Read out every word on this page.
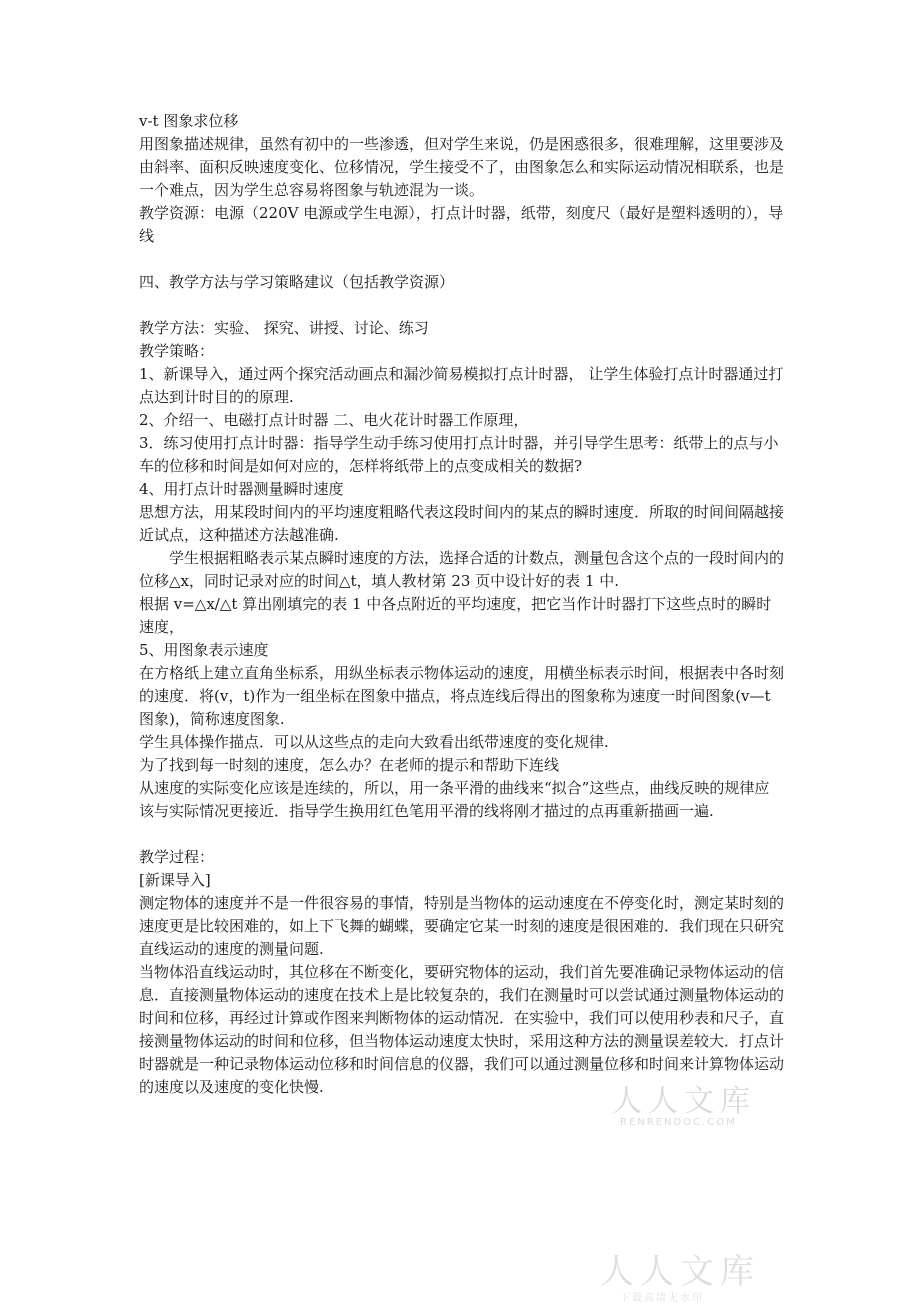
v-t 图象求位移

用图象描述规律，虽然有初中的一些渗透，但对学生来说，仍是困惑很多，很难理解，这里要涉及由斜率、面积反映速度变化、位移情况，学生接受不了，由图象怎么和实际运动情况相联系，也是一个难点，因为学生总容易将图象与轨迹混为一谈。

教学资源：电源（220V 电源或学生电源），打点计时器，纸带，刻度尺（最好是塑料透明的），导线

四、教学方法与学习策略建议（包括教学资源）

教学方法：实验、 探究、讲授、讨论、练习

教学策略：

1、新课导入，通过两个探究活动画点和漏沙简易模拟打点计时器， 让学生体验打点计时器通过打点达到计时目的的原理.

2、介绍一、电磁打点计时器 二、电火花计时器工作原理，

3．练习使用打点计时器：指导学生动手练习使用打点计时器，并引导学生思考：纸带上的点与小车的位移和时间是如何对应的，怎样将纸带上的点变成相关的数据?

4、用打点计时器测量瞬时速度

思想方法，用某段时间内的平均速度粗略代表这段时间内的某点的瞬时速度．所取的时间间隔越接近试点，这种描述方法越准确.

学生根据粗略表示某点瞬时速度的方法，选择合适的计数点，测量包含这个点的一段时间内的位移△x，同时记录对应的时间△t，填人教材第 23 页中设计好的表 1 中.

根据 v=△x/△t 算出刚填完的表 1 中各点附近的平均速度，把它当作计时器打下这些点时的瞬时速度，

5、用图象表示速度

在方格纸上建立直角坐标系，用纵坐标表示物体运动的速度，用横坐标表示时间，根据表中各时刻的速度．将(v，t)作为一组坐标在图象中描点，将点连线后得出的图象称为速度一时间图象(v—t 图象)，简称速度图象.

学生具体操作描点．可以从这些点的走向大致看出纸带速度的变化规律.

为了找到每一时刻的速度，怎么办？在老师的提示和帮助下连线

从速度的实际变化应该是连续的，所以，用一条平滑的曲线来“拟合”这些点，曲线反映的规律应该与实际情况更接近．指导学生换用红色笔用平滑的线将刚才描过的点再重新描画一遍.

教学过程：

[新课导入]

测定物体的速度并不是一件很容易的事情，特别是当物体的运动速度在不停变化时，测定某时刻的速度更是比较困难的，如上下飞舞的蝴蝶，要确定它某一时刻的速度是很困难的．我们现在只研究直线运动的速度的测量问题.

当物体沿直线运动时，其位移在不断变化，要研究物体的运动，我们首先要准确记录物体运动的信息．直接测量物体运动的速度在技术上是比较复杂的，我们在测量时可以尝试通过测量物体运动的时间和位移，再经过计算或作图来判断物体的运动情况．在实验中，我们可以使用秒表和尺子，直接测量物体运动的时间和位移，但当物体运动速度太快时，采用这种方法的测量误差较大．打点计时器就是一种记录物体运动位移和时间信息的仪器，我们可以通过测量位移和时间来计算物体运动的速度以及速度的变化快慢.	人人文库
RENRENDOC.COM
人人文库
下载高清无水印
